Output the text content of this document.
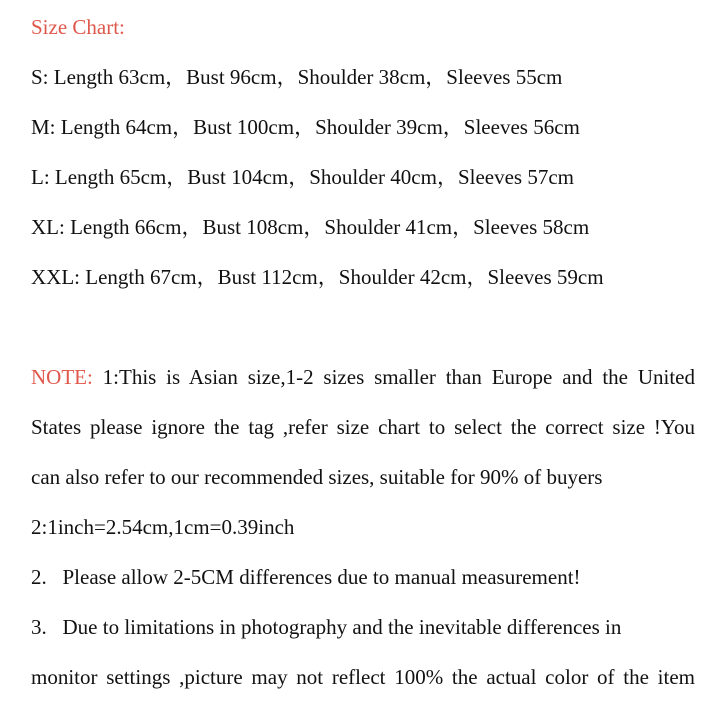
Size Chart:
S: Length 63cm，Bust 96cm，Shoulder 38cm，Sleeves 55cm
M: Length 64cm，Bust 100cm，Shoulder 39cm，Sleeves 56cm
L: Length 65cm，Bust 104cm，Shoulder 40cm，Sleeves 57cm
XL: Length 66cm，Bust 108cm，Shoulder 41cm，Sleeves 58cm
XXL: Length 67cm，Bust 112cm，Shoulder 42cm，Sleeves 59cm
NOTE: 1:This is Asian size,1-2 sizes smaller than Europe and the United
States please ignore the tag ,refer size chart to select the correct size !You
can also refer to our recommended sizes, suitable for 90% of buyers
2:1inch=2.54cm,1cm=0.39inch
2.   Please allow 2-5CM differences due to manual measurement!
3.   Due to limitations in photography and the inevitable differences in
monitor settings ,picture may not reflect 100% the actual color of the item
